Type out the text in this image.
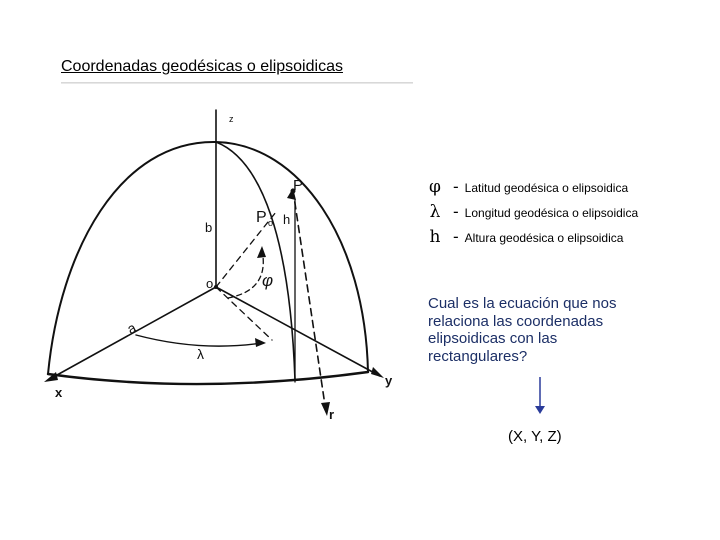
Coordenadas geodésicas o elipsoidicas
z
P
P o h
b
o	φ
a
λ
x
y
r
φ - Latitud geodésica o elipsoidica
λ - Longitud geodésica o elipsoidica
h - Altura geodésica o elipsoidica
Cual es la ecuación que nos
relaciona las coordenadas
elipsoidicas con las
rectangulares?
(X, Y, Z)
